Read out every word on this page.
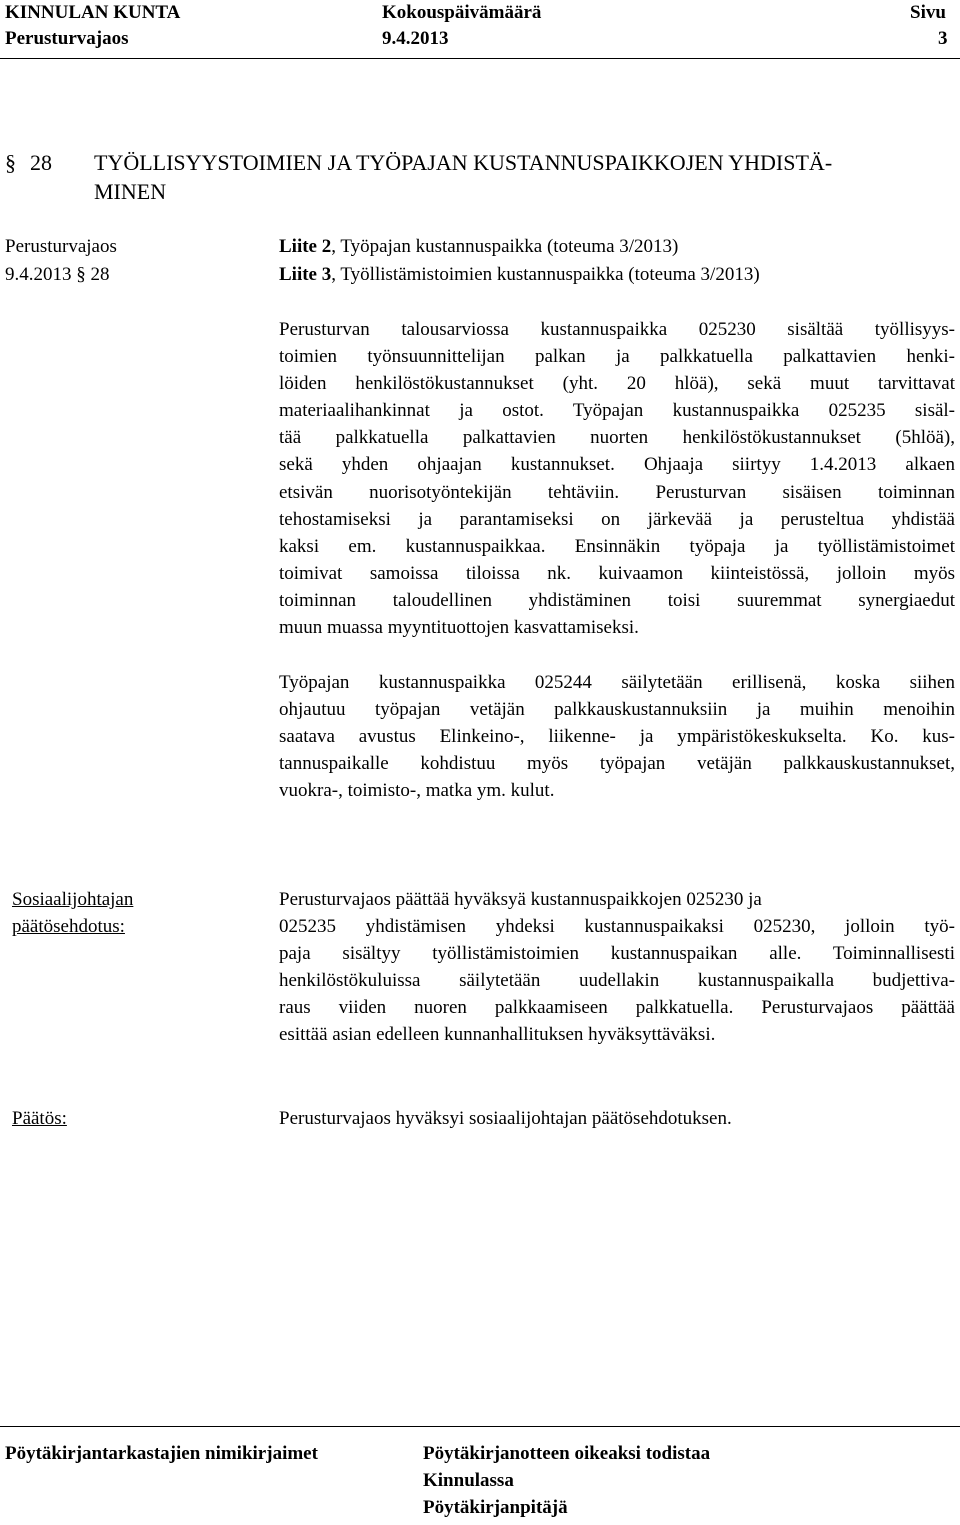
KINNULAN KUNTA
Perusturvajaos
Kokouspäivämäärä
9.4.2013
Sivu
3
§ 28 TYÖLLISYYSTOIMIEN JA TYÖPAJAN KUSTANNUSPAIKKOJEN YHDISTÄ-
MINEN
Perusturvajaos
9.4.2013 § 28
Liite 2, Työpajan kustannuspaikka (toteuma 3/2013)
Liite 3, Työllistämistoimien kustannuspaikka (toteuma 3/2013)
Perusturvan talousarviossa kustannuspaikka 025230 sisältää työllisyys-
toimien työnsuunnittelijan palkan ja palkkatuella palkattavien henki-
löiden henkilöstökustannukset (yht. 20 hlöä), sekä muut tarvittavat
materiaalihankinnat ja ostot. Työpajan kustannuspaikka 025235 sisäl-
tää palkkatuella palkattavien nuorten henkilöstökustannukset (5hlöä),
sekä yhden ohjaajan kustannukset. Ohjaaja siirtyy 1.4.2013 alkaen
etsivän nuorisotyöntekijän tehtäviin. Perusturvan sisäisen toiminnan
tehostamiseksi ja parantamiseksi on järkevää ja perusteltua yhdistää
kaksi em. kustannuspaikkaa. Ensinnäkin työpaja ja työllistämistoimet
toimivat samoissa tiloissa nk. kuivaamon kiinteistössä, jolloin myös
toiminnan taloudellinen yhdistäminen toisi suuremmat synergiaedut
muun muassa myyntituottojen kasvattamiseksi.
Työpajan kustannuspaikka 025244 säilytetään erillisenä, koska siihen
ohjautuu työpajan vetäjän palkkauskustannuksiin ja muihin menoihin
saatava avustus Elinkeino-, liikenne- ja ympäristökeskukselta. Ko. kus-
tannuspaikalle kohdistuu myös työpajan vetäjän palkkauskustannukset,
vuokra-, toimisto-, matka ym. kulut.
Sosiaalijohtajan
päätösehdotus:
Perusturvajaos päättää hyväksyä kustannuspaikkojen 025230 ja
025235 yhdistämisen yhdeksi kustannuspaikaksi 025230, jolloin työ-
paja sisältyy työllistämistoimien kustannuspaikan alle. Toiminnallisesti
henkilöstökuluissa säilytetään uudellakin kustannuspaikalla budjettiva-
raus viiden nuoren palkkaamiseen palkkatuella. Perusturvajaos päättää
esittää asian edelleen kunnanhallituksen hyväksyttäväksi.
Päätös:	Perusturvajaos hyväksyi sosiaalijohtajan päätösehdotuksen.
Pöytäkirjantarkastajien nimikirjaimet	Pöytäkirjanotteen oikeaksi todistaa
Kinnulassa
Pöytäkirjanpitäjä
